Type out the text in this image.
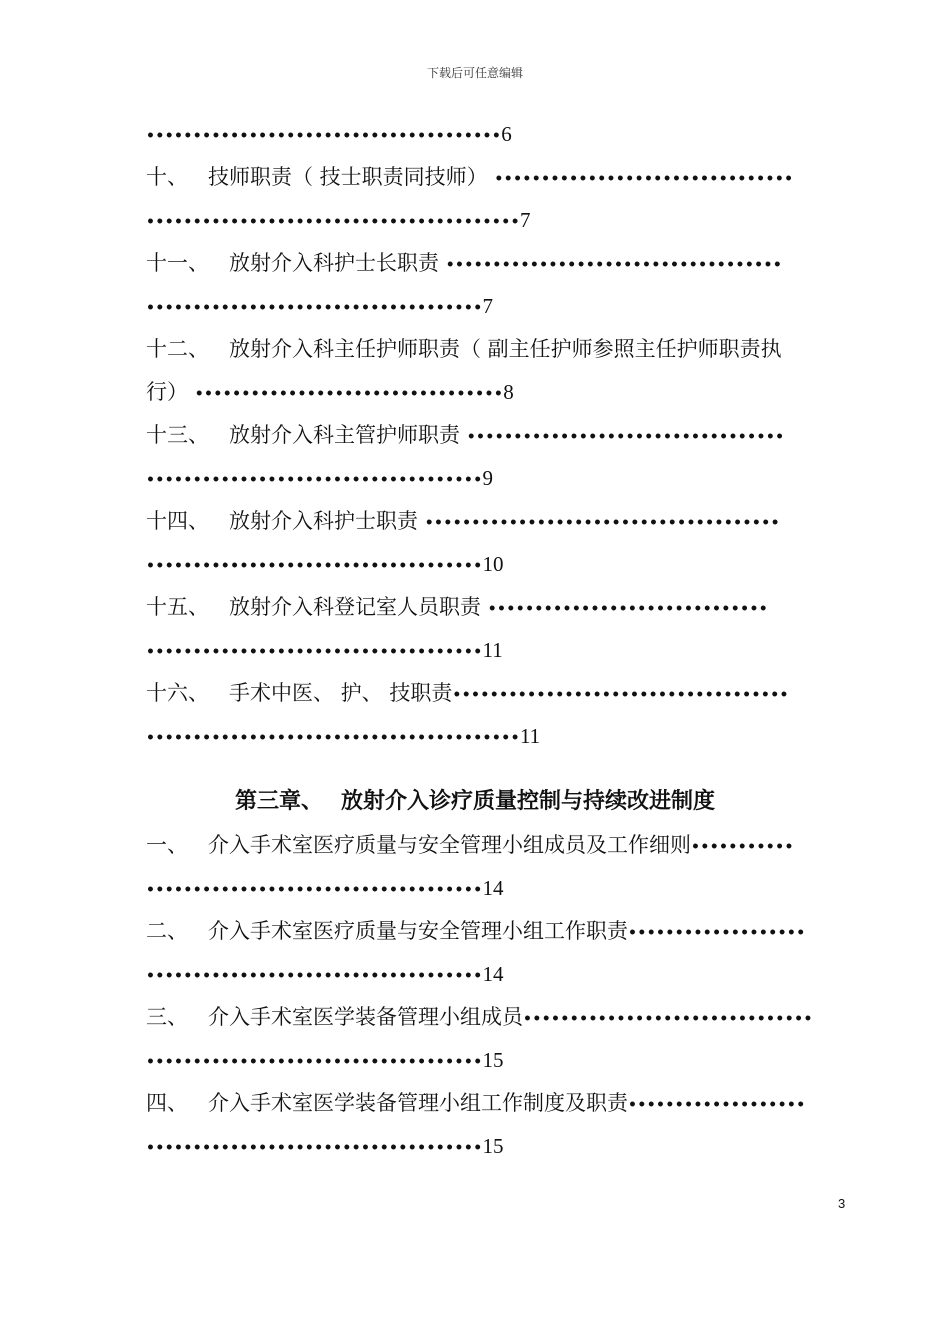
下载后可任意编辑
••••••••••••••••••••••••••••••••••••••6
十、 技师职责（ 技士职责同技师） ••••••••••••••••••••••••••••••••
••••••••••••••••••••••••••••••••••••••••7
十一、 放射介入科护士长职责 ••••••••••••••••••••••••••••••••••••
••••••••••••••••••••••••••••••••••••7
十二、 放射介入科主任护师职责（ 副主任护师参照主任护师职责执
行） •••••••••••••••••••••••••••••••••8
十三、 放射介入科主管护师职责 ••••••••••••••••••••••••••••••••••
••••••••••••••••••••••••••••••••••••9
十四、 放射介入科护士职责 ••••••••••••••••••••••••••••••••••••••
••••••••••••••••••••••••••••••••••••10
十五、 放射介入科登记室人员职责 ••••••••••••••••••••••••••••••
••••••••••••••••••••••••••••••••••••11
十六、 手术中医、 护、 技职责••••••••••••••••••••••••••••••••••••
••••••••••••••••••••••••••••••••••••••••11
第三章、 放射介入诊疗质量控制与持续改进制度
一、 介入手术室医疗质量与安全管理小组成员及工作细则•••••••••••
••••••••••••••••••••••••••••••••••••14
二、 介入手术室医疗质量与安全管理小组工作职责•••••••••••••••••••
••••••••••••••••••••••••••••••••••••14
三、 介入手术室医学装备管理小组成员•••••••••••••••••••••••••••••••
••••••••••••••••••••••••••••••••••••15
四、 介入手术室医学装备管理小组工作制度及职责•••••••••••••••••••
••••••••••••••••••••••••••••••••••••15
3
